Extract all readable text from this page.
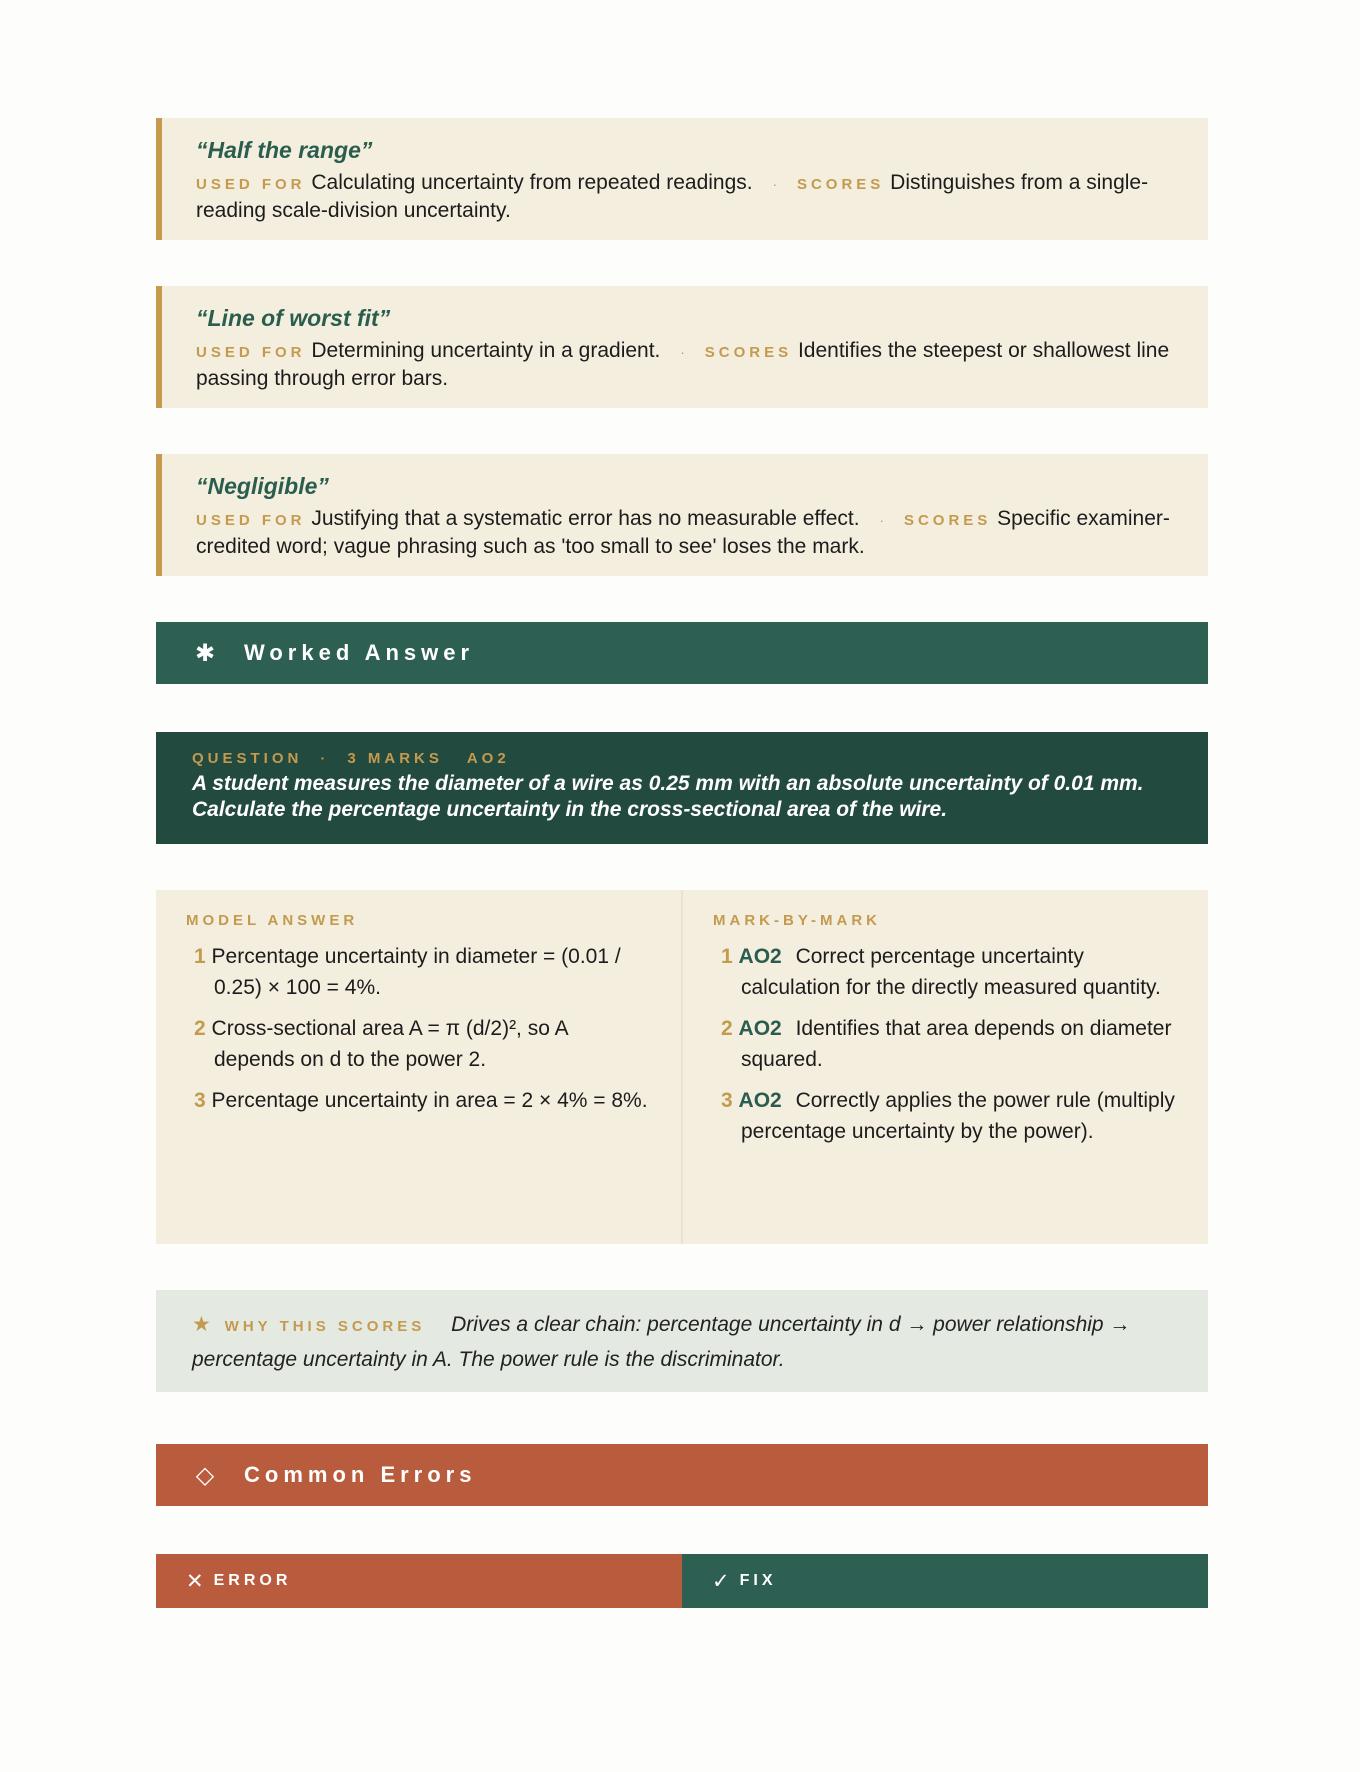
“Half the range”
USED FOR Calculating uncertainty from repeated readings. · SCORES Distinguishes from a single-reading scale-division uncertainty.
“Line of worst fit”
USED FOR Determining uncertainty in a gradient. · SCORES Identifies the steepest or shallowest line passing through error bars.
“Negligible”
USED FOR Justifying that a systematic error has no measurable effect. · SCORES Specific examiner-credited word; vague phrasing such as 'too small to see' loses the mark.
✱ Worked Answer
QUESTION · 3 MARKS AO2
A student measures the diameter of a wire as 0.25 mm with an absolute uncertainty of 0.01 mm. Calculate the percentage uncertainty in the cross-sectional area of the wire.
MODEL ANSWER
1 Percentage uncertainty in diameter = (0.01 / 0.25) × 100 = 4%.
2 Cross-sectional area A = π (d/2)², so A depends on d to the power 2.
3 Percentage uncertainty in area = 2 × 4% = 8%.
MARK-BY-MARK
1 AO2 Correct percentage uncertainty calculation for the directly measured quantity.
2 AO2 Identifies that area depends on diameter squared.
3 AO2 Correctly applies the power rule (multiply percentage uncertainty by the power).
★ WHY THIS SCORES Drives a clear chain: percentage uncertainty in d → power relationship → percentage uncertainty in A. The power rule is the discriminator.
◇ Common Errors
✕ ERROR	✓ FIX
